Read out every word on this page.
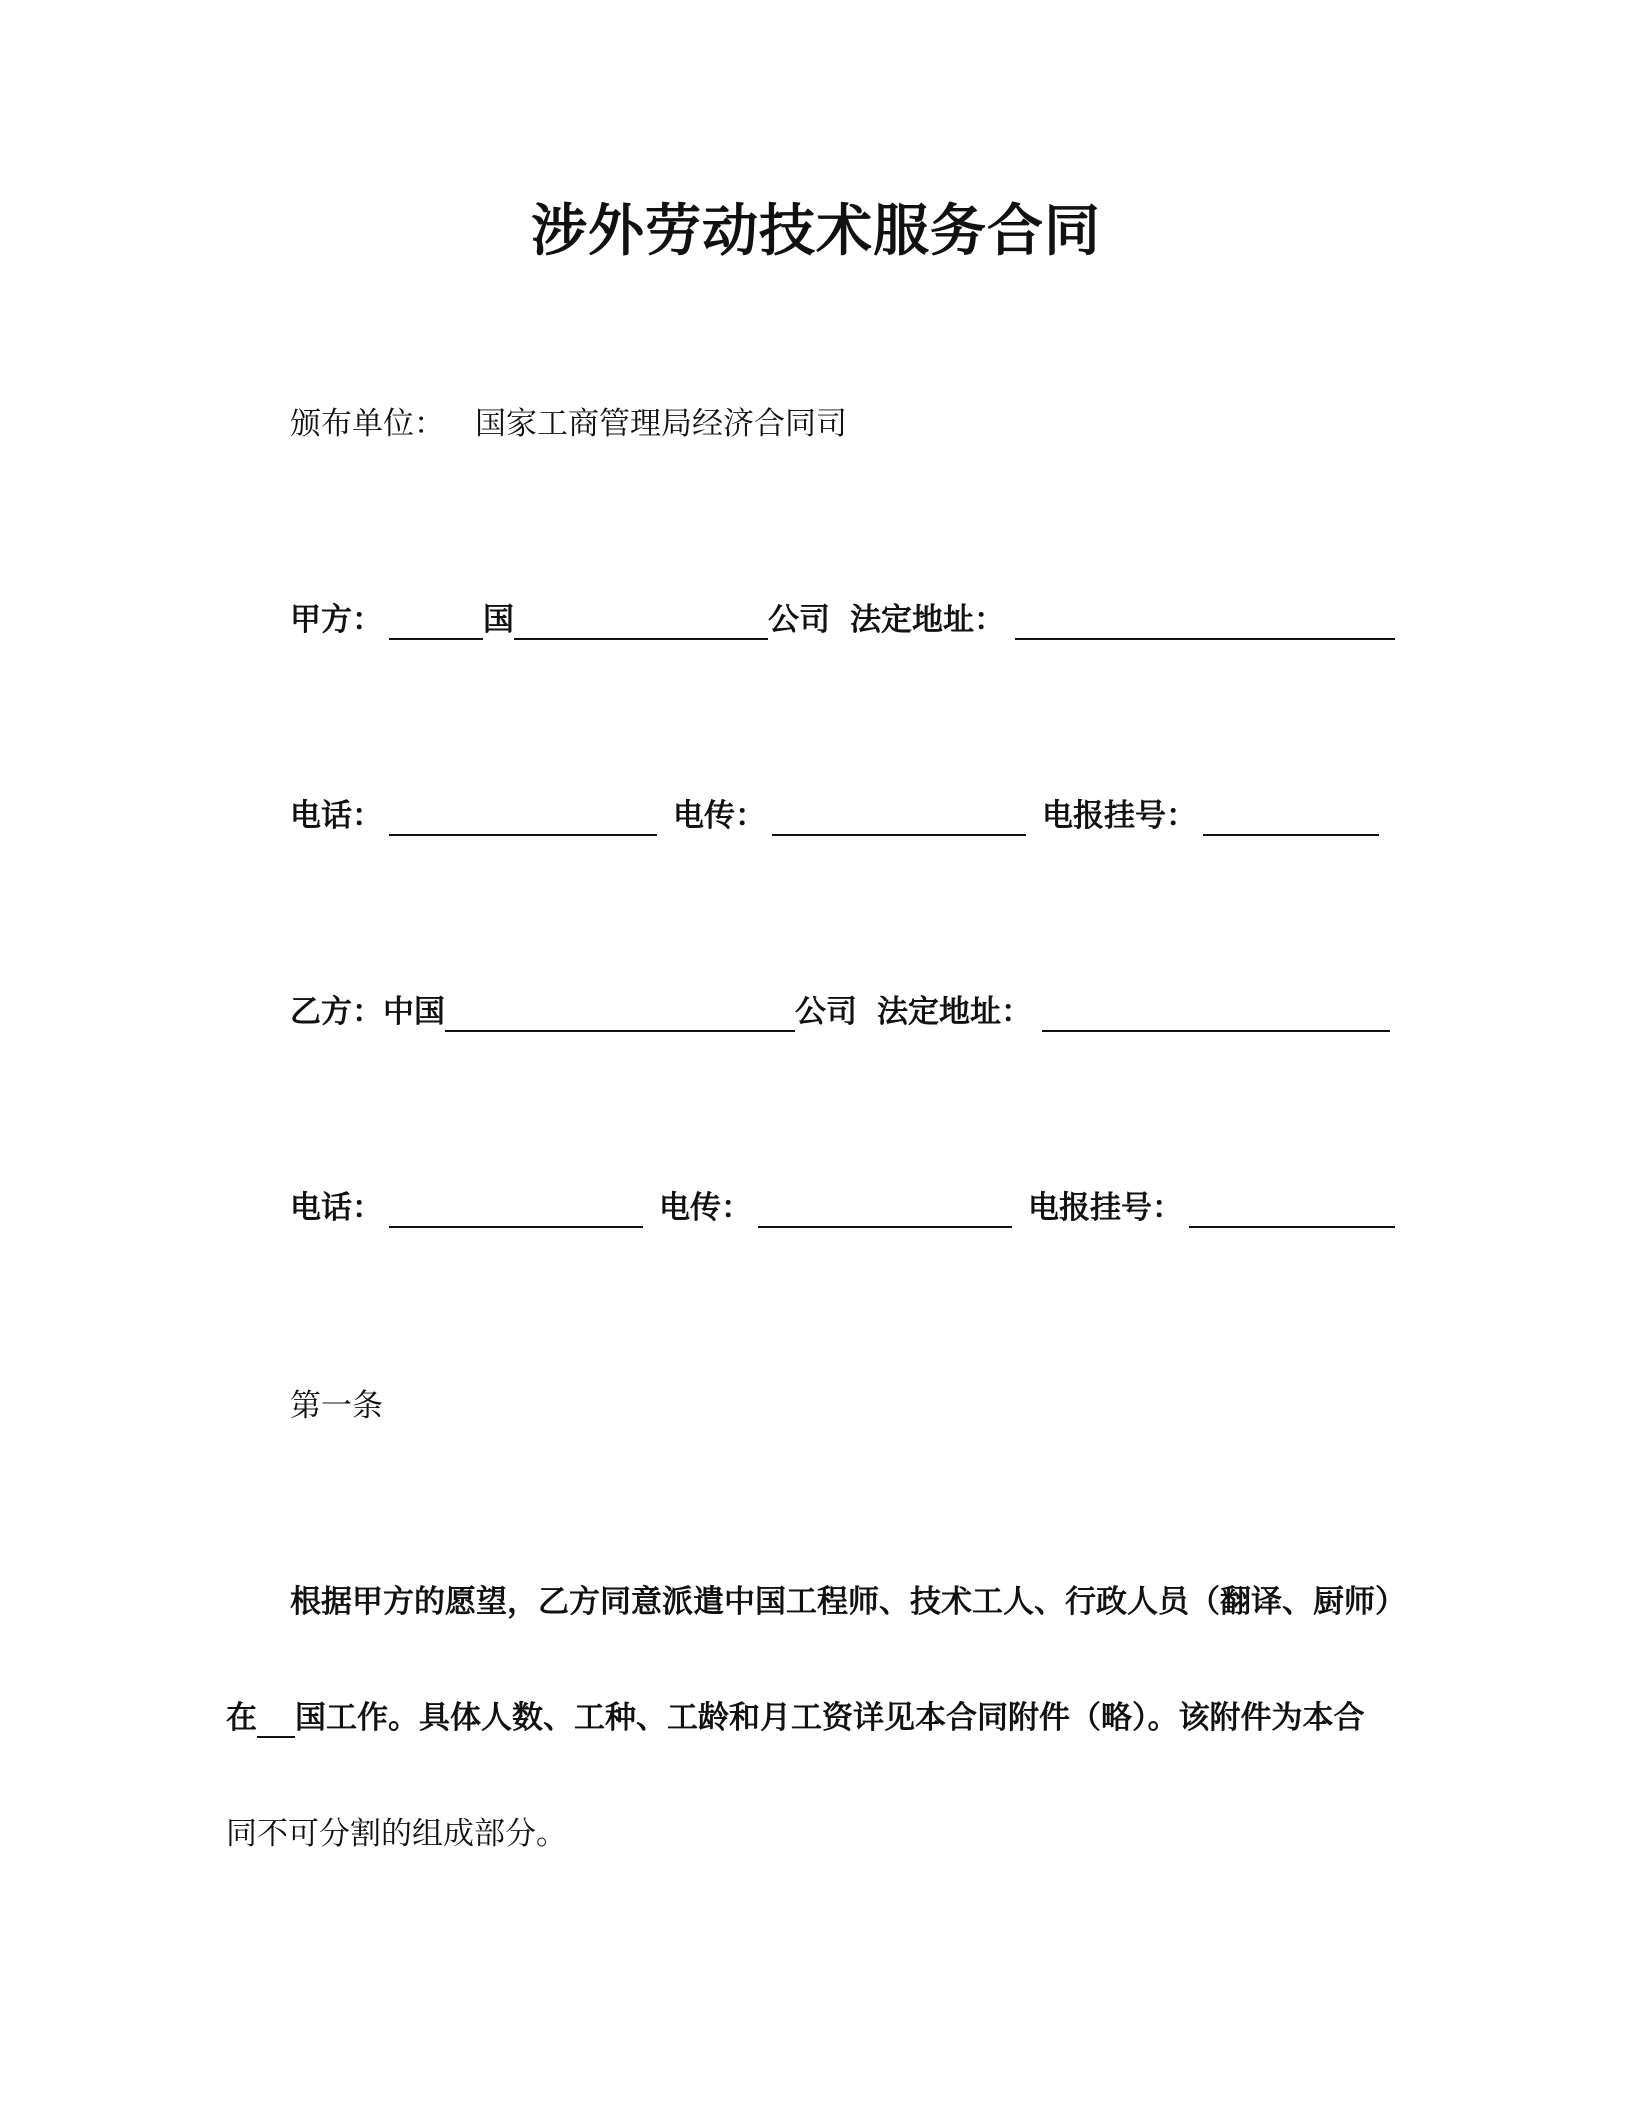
涉外劳动技术服务合同
颁布单位： 国家工商管理局经济合同司
甲方：	国	公司 法定地址：
电话：	电传：	电报挂号：
乙方：中国	公司 法定地址：
电话：	电传：	电报挂号：
第一条
根据甲方的愿望，乙方同意派遣中国工程师、技术工人、行政人员（翻译、厨师）
在 国工作。具体人数、工种、工龄和月工资详见本合同附件（略）。该附件为本合
同不可分割的组成部分。
